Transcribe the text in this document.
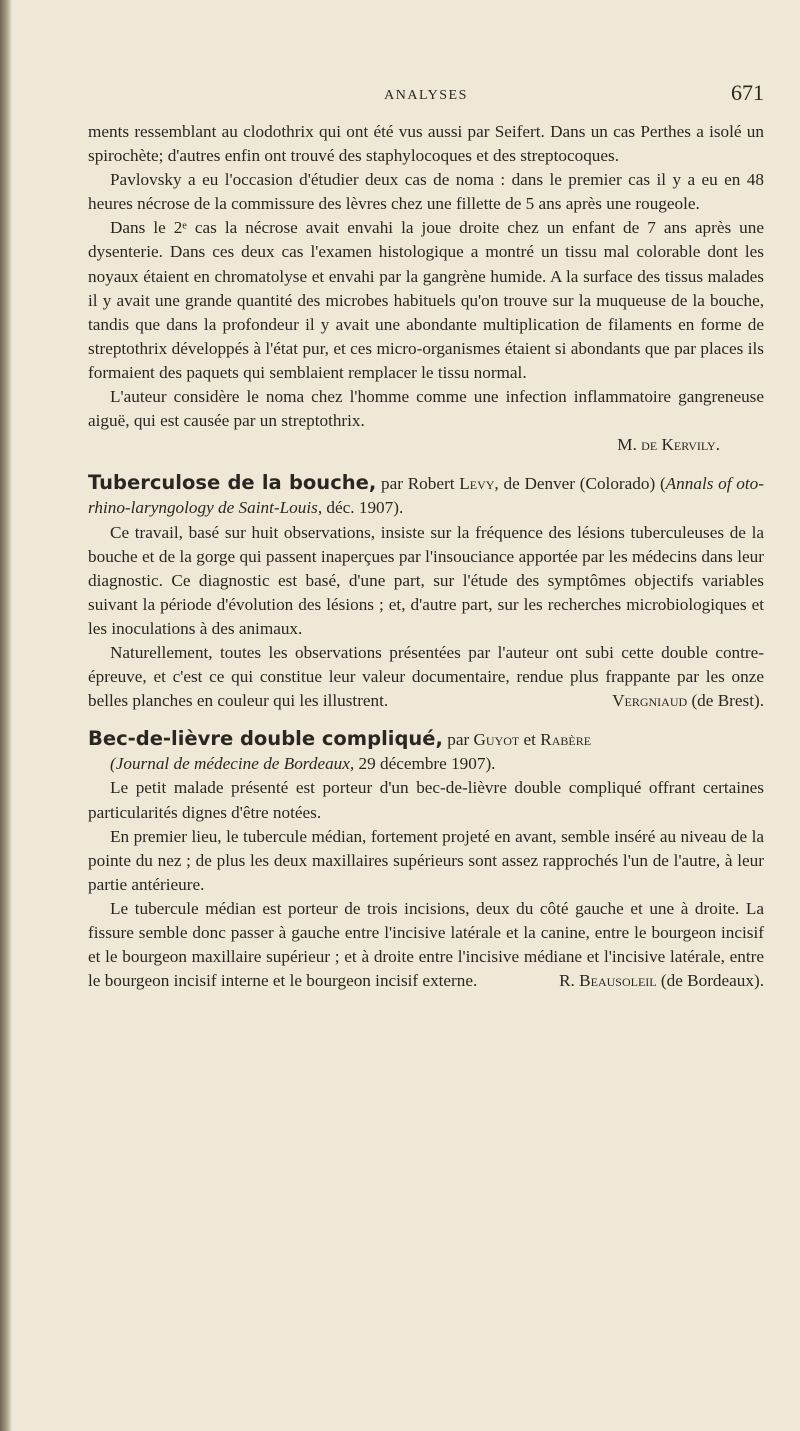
ANALYSES	671

ments ressemblant au clodothrix qui ont été vus aussi par Seifert. Dans un cas Perthes a isolé un spirochète; d'autres enfin ont trouvé des staphylocoques et des streptocoques.

Pavlovsky a eu l'occasion d'étudier deux cas de noma : dans le premier cas il y a eu en 48 heures nécrose de la commissure des lèvres chez une fillette de 5 ans après une rougeole.

Dans le 2ᵉ cas la nécrose avait envahi la joue droite chez un enfant de 7 ans après une dysenterie. Dans ces deux cas l'examen histologique a montré un tissu mal colorable dont les noyaux étaient en chromatolyse et envahi par la gangrène humide. A la surface des tissus malades il y avait une grande quantité des microbes habituels qu'on trouve sur la muqueuse de la bouche, tandis que dans la profondeur il y avait une abondante multiplication de filaments en forme de streptothrix développés à l'état pur, et ces micro-organismes étaient si abondants que par places ils formaient des paquets qui semblaient remplacer le tissu normal.

L'auteur considère le noma chez l'homme comme une infection inflammatoire gangreneuse aiguë, qui est causée par un streptothrix.

M. de Kervily.

Tuberculose de la bouche, par Robert Levy, de Denver (Colorado) (Annals of oto-rhino-laryngology de Saint-Louis, déc. 1907).

Ce travail, basé sur huit observations, insiste sur la fréquence des lésions tuberculeuses de la bouche et de la gorge qui passent inaperçues par l'insouciance apportée par les médecins dans leur diagnostic. Ce diagnostic est basé, d'une part, sur l'étude des symptômes objectifs variables suivant la période d'évolution des lésions ; et, d'autre part, sur les recherches microbiologiques et les inoculations à des animaux.

Naturellement, toutes les observations présentées par l'auteur ont subi cette double contre-épreuve, et c'est ce qui constitue leur valeur documentaire, rendue plus frappante par les onze belles planches en couleur qui les illustrent.	Vergniaud (de Brest).

Bec-de-lièvre double compliqué, par Guyot et Rabère

(Journal de médecine de Bordeaux, 29 décembre 1907).

Le petit malade présenté est porteur d'un bec-de-lièvre double compliqué offrant certaines particularités dignes d'être notées.

En premier lieu, le tubercule médian, fortement projeté en avant, semble inséré au niveau de la pointe du nez ; de plus les deux maxillaires supérieurs sont assez rapprochés l'un de l'autre, à leur partie antérieure.

Le tubercule médian est porteur de trois incisions, deux du côté gauche et une à droite. La fissure semble donc passer à gauche entre l'incisive latérale et la canine, entre le bourgeon incisif et le bourgeon maxillaire supérieur ; et à droite entre l'incisive médiane et l'incisive latérale, entre le bourgeon incisif interne et le bourgeon incisif externe.	R. Beausoleil (de Bordeaux).
